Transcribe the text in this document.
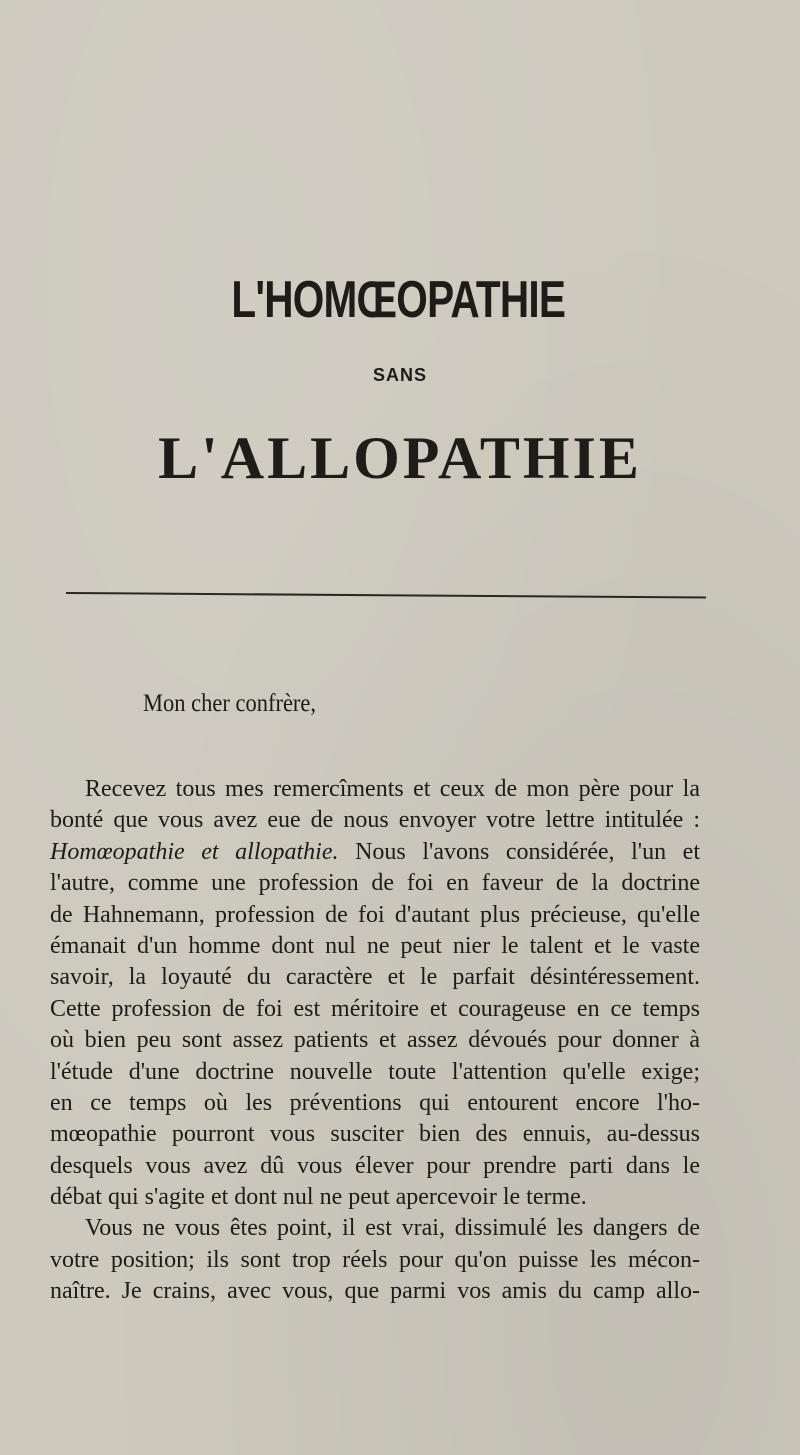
L'HOMŒOPATHIE
SANS
L'ALLOPATHIE
Mon cher confrère,
Recevez tous mes remercîments et ceux de mon père pour la
bonté que vous avez eue de nous envoyer votre lettre intitulée :
Homœopathie et allopathie. Nous l'avons considérée, l'un et
l'autre, comme une profession de foi en faveur de la doctrine
de Hahnemann, profession de foi d'autant plus précieuse, qu'elle
émanait d'un homme dont nul ne peut nier le talent et le vaste
savoir, la loyauté du caractère et le parfait désintéressement.
Cette profession de foi est méritoire et courageuse en ce temps
où bien peu sont assez patients et assez dévoués pour donner à
l'étude d'une doctrine nouvelle toute l'attention qu'elle exige;
en ce temps où les préventions qui entourent encore l'ho-
mœopathie pourront vous susciter bien des ennuis, au-dessus
desquels vous avez dû vous élever pour prendre parti dans le
débat qui s'agite et dont nul ne peut apercevoir le terme.
Vous ne vous êtes point, il est vrai, dissimulé les dangers de
votre position; ils sont trop réels pour qu'on puisse les mécon-
naître. Je crains, avec vous, que parmi vos amis du camp allo-
